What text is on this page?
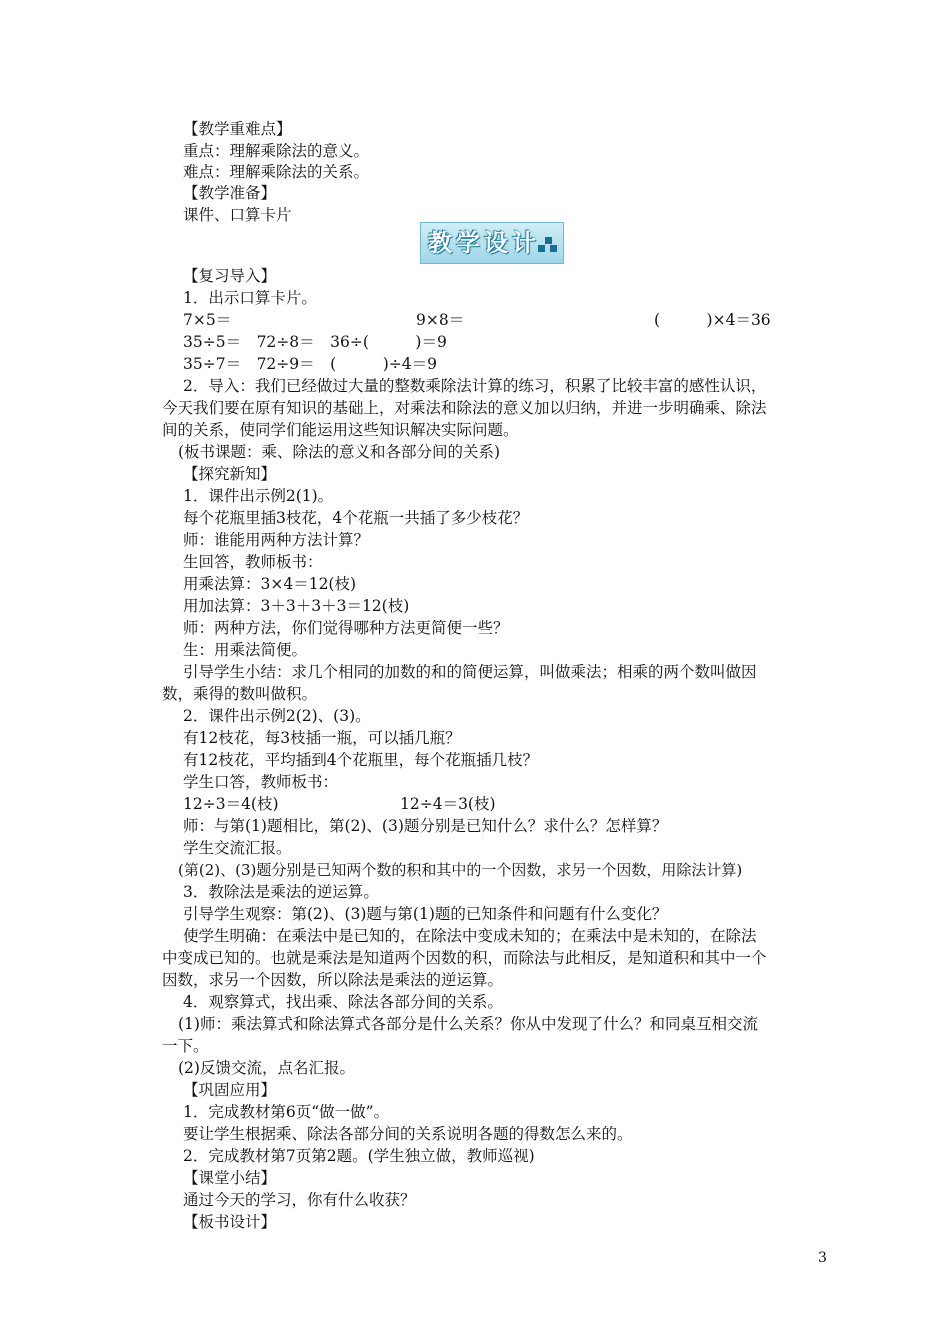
【教学重难点】
重点：理解乘除法的意义。
难点：理解乘除法的关系。
【教学准备】
课件、口算卡片
教 学 设 计
【复习导入】
1．出示口算卡片。
7×5＝	9×8＝	(　　　)×4＝36
35÷5＝　72÷8＝　36÷(　　　)＝9
35÷7＝　72÷9＝　(　　　)÷4＝9
2．导入：我们已经做过大量的整数乘除法计算的练习，积累了比较丰富的感性认识，
今天我们要在原有知识的基础上，对乘法和除法的意义加以归纳，并进一步明确乘、除法
间的关系，使同学们能运用这些知识解决实际问题。
(板书课题：乘、除法的意义和各部分间的关系)
【探究新知】
1．课件出示例2(1)。
每个花瓶里插3枝花，4个花瓶一共插了多少枝花？
师：谁能用两种方法计算？
生回答，教师板书：
用乘法算：3×4＝12(枝)
用加法算：3＋3＋3＋3＝12(枝)
师：两种方法，你们觉得哪种方法更简便一些？
生：用乘法简便。
引导学生小结：求几个相同的加数的和的简便运算，叫做乘法；相乘的两个数叫做因
数，乘得的数叫做积。
2．课件出示例2(2)、(3)。
有12枝花，每3枝插一瓶，可以插几瓶？
有12枝花，平均插到4个花瓶里，每个花瓶插几枝？
学生口答，教师板书：
12÷3＝4(枝)	12÷4＝3(枝)
师：与第(1)题相比，第(2)、(3)题分别是已知什么？求什么？怎样算？
学生交流汇报。
(第(2)、(3)题分别是已知两个数的积和其中的一个因数，求另一个因数，用除法计算)
3．教除法是乘法的逆运算。
引导学生观察：第(2)、(3)题与第(1)题的已知条件和问题有什么变化？
使学生明确：在乘法中是已知的，在除法中变成未知的；在乘法中是未知的，在除法
中变成已知的。也就是乘法是知道两个因数的积，而除法与此相反，是知道积和其中一个
因数，求另一个因数，所以除法是乘法的逆运算。
4．观察算式，找出乘、除法各部分间的关系。
(1)师：乘法算式和除法算式各部分是什么关系？你从中发现了什么？和同桌互相交流
一下。
(2)反馈交流，点名汇报。
【巩固应用】
1．完成教材第6页“做一做”。
要让学生根据乘、除法各部分间的关系说明各题的得数怎么来的。
2．完成教材第7页第2题。(学生独立做，教师巡视)
【课堂小结】
通过今天的学习，你有什么收获？
【板书设计】
3
